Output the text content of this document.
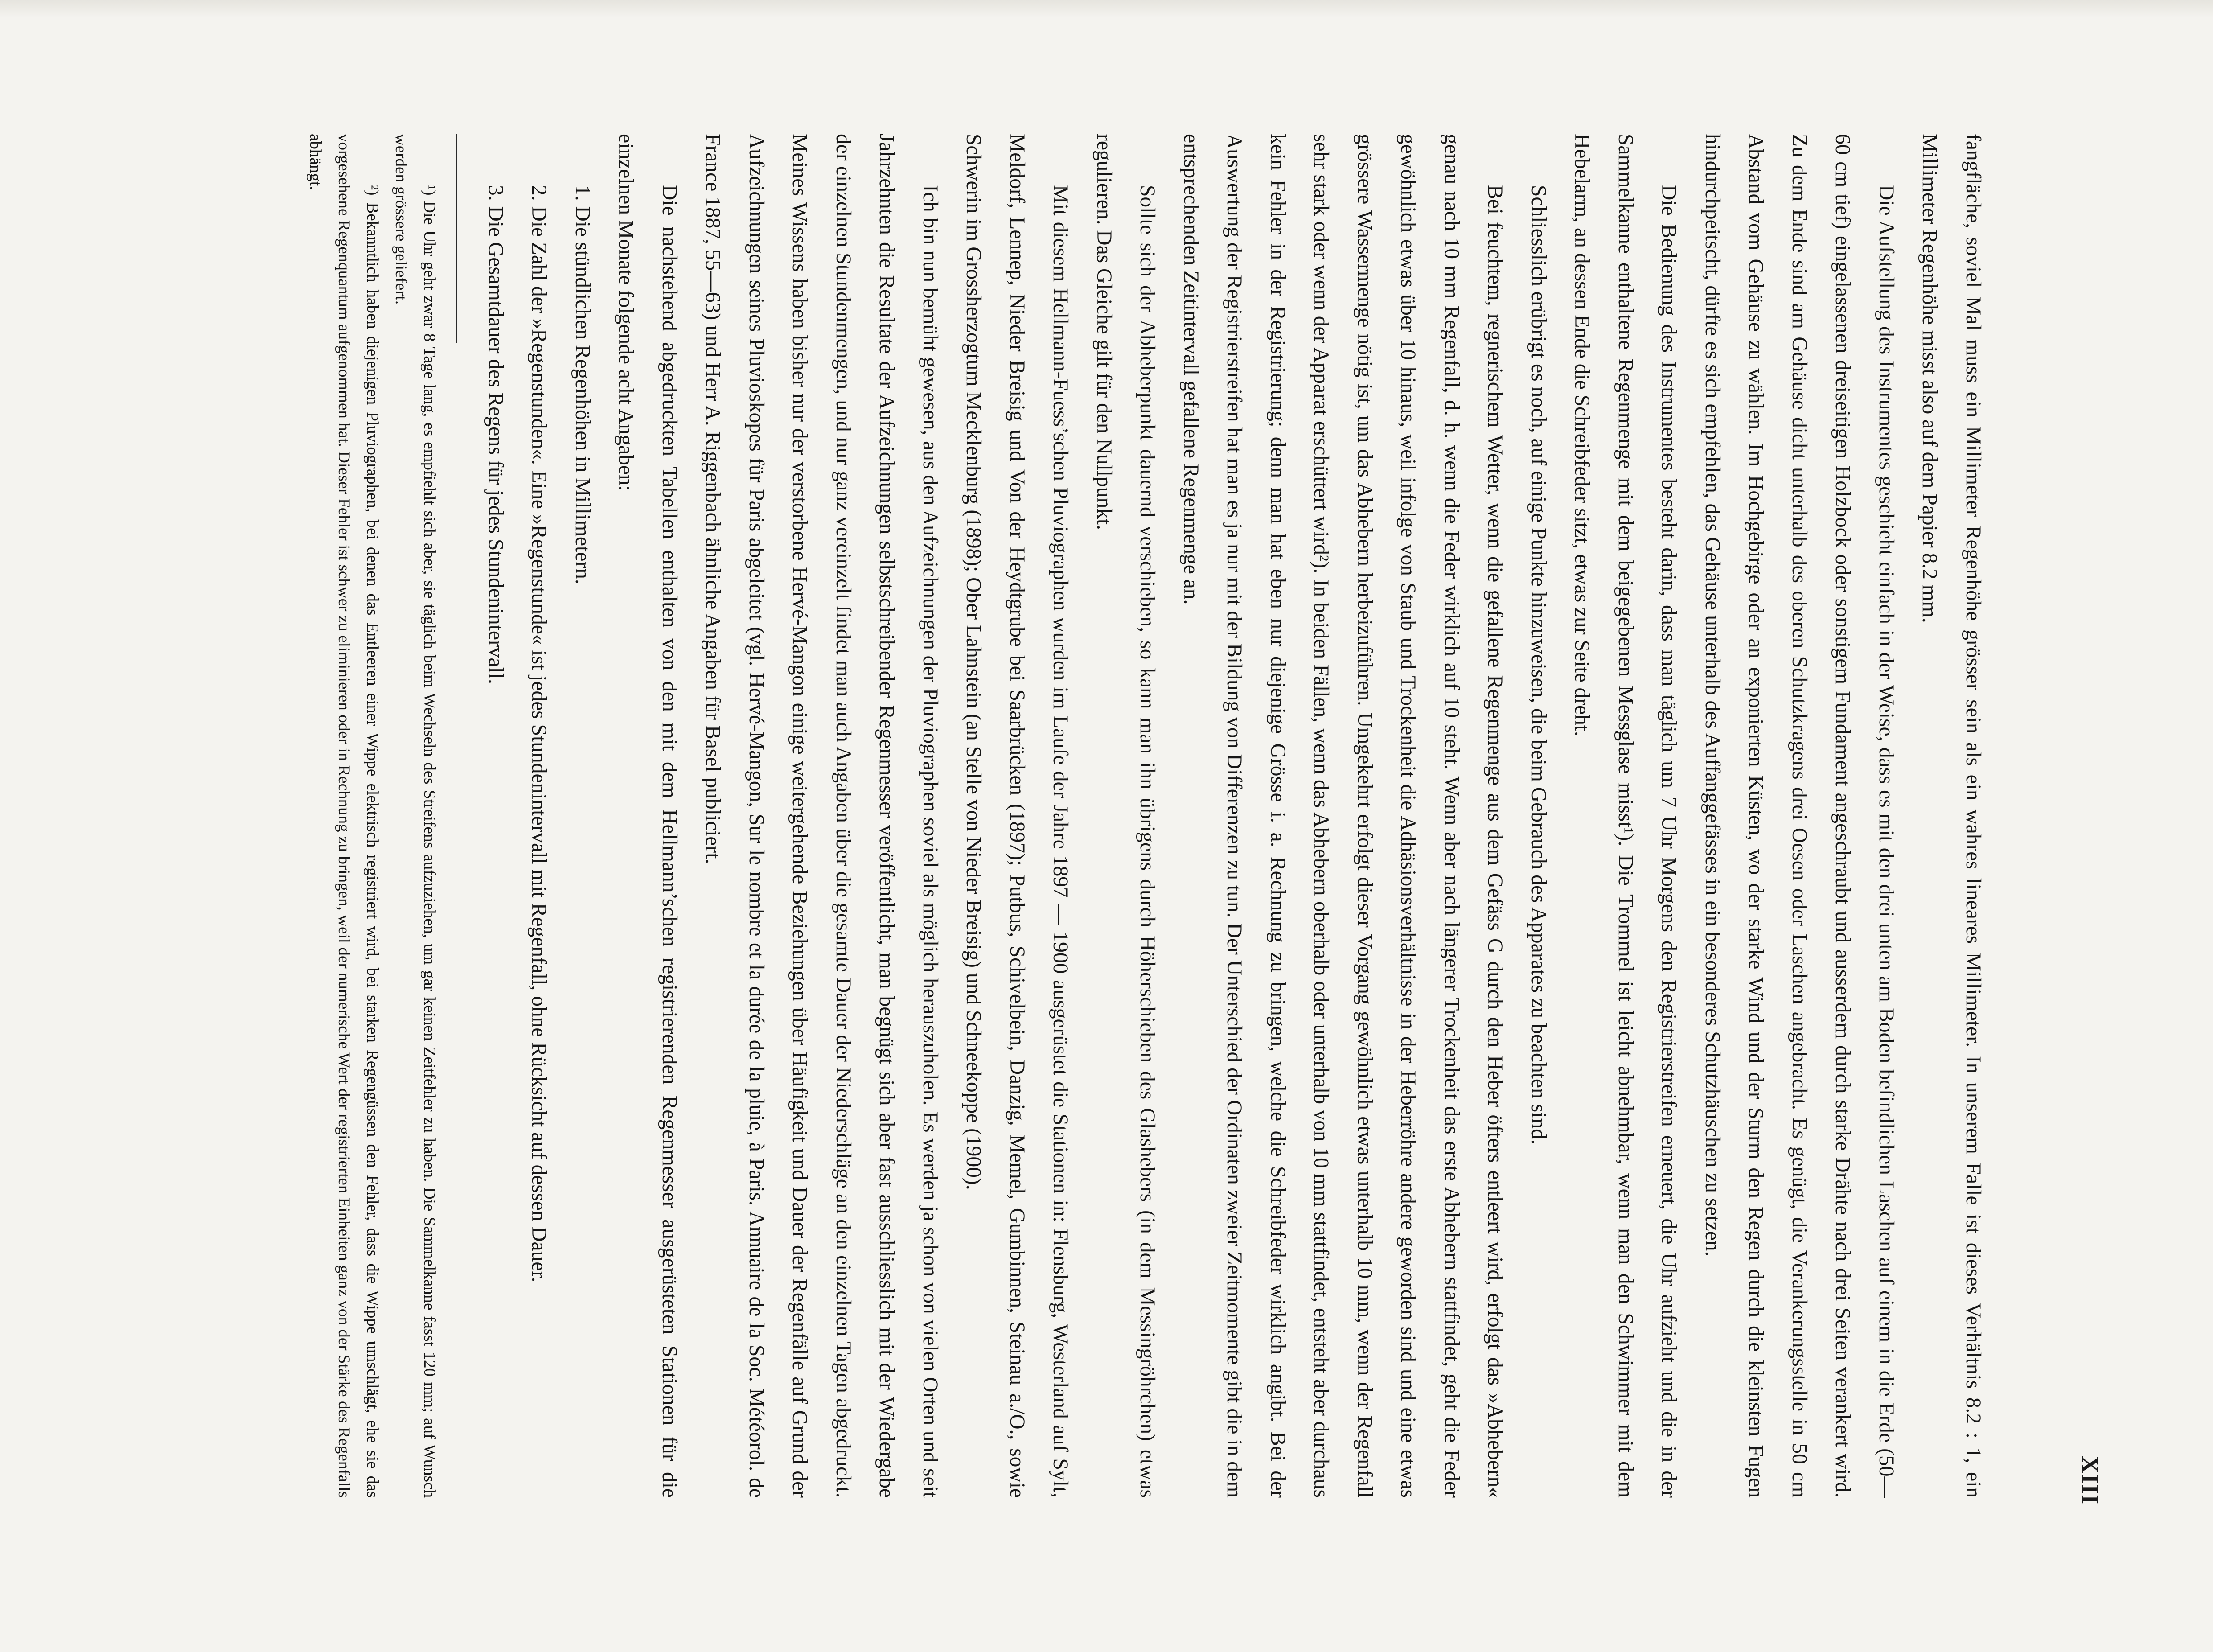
XIII

fangfläche, soviel Mal muss ein Millimeter Regenhöhe grösser sein als ein wahres lineares Millimeter. In unserem Falle ist dieses Verhältnis 8.2 : 1, ein Millimeter Regenhöhe misst also auf dem Papier 8.2 mm.

Die Aufstellung des Instrumentes geschieht einfach in der Weise, dass es mit den drei unten am Boden befindlichen Laschen auf einem in die Erde (50—60 cm tief) eingelassenen dreiseitigen Holzbock oder sonstigem Fundament angeschraubt und ausserdem durch starke Drähte nach drei Seiten verankert wird. Zu dem Ende sind am Gehäuse dicht unterhalb des oberen Schutzkragens drei Oesen oder Laschen angebracht. Es genügt, die Verankerungsstelle in 50 cm Abstand vom Gehäuse zu wählen. Im Hochgebirge oder an exponierten Küsten, wo der starke Wind und der Sturm den Regen durch die kleinsten Fugen hindurchpeitscht, dürfte es sich empfehlen, das Gehäuse unterhalb des Auffanggefässes in ein besonderes Schutzhäuschen zu setzen.

Die Bedienung des Instrumentes besteht darin, dass man täglich um 7 Uhr Morgens den Registrierstreifen erneuert, die Uhr aufzieht und die in der Sammelkanne enthaltene Regenmenge mit dem beigegebenen Messglase misst¹). Die Trommel ist leicht abnehmbar, wenn man den Schwimmer mit dem Hebelarm, an dessen Ende die Schreibfeder sitzt, etwas zur Seite dreht.

Schliesslich erübrigt es noch, auf einige Punkte hinzuweisen, die beim Gebrauch des Apparates zu beachten sind.

Bei feuchtem, regnerischem Wetter, wenn die gefallene Regenmenge aus dem Gefäss G durch den Heber öfters entleert wird, erfolgt das »Abhebern« genau nach 10 mm Regenfall, d. h. wenn die Feder wirklich auf 10 steht. Wenn aber nach längerer Trockenheit das erste Abhebern stattfindet, geht die Feder gewöhnlich etwas über 10 hinaus, weil infolge von Staub und Trockenheit die Adhäsionsverhältnisse in der Heberröhre andere geworden sind und eine etwas grössere Wassermenge nötig ist, um das Abhebern herbeizuführen. Umgekehrt erfolgt dieser Vorgang gewöhnlich etwas unterhalb 10 mm, wenn der Regenfall sehr stark oder wenn der Apparat erschüttert wird²). In beiden Fällen, wenn das Abhebern oberhalb oder unterhalb von 10 mm stattfindet, entsteht aber durchaus kein Fehler in der Registrierung; denn man hat eben nur diejenige Grösse i. a. Rechnung zu bringen, welche die Schreibfeder wirklich angibt. Bei der Auswertung der Registrierstreifen hat man es ja nur mit der Bildung von Differenzen zu tun. Der Unterschied der Ordinaten zweier Zeitmomente gibt die in dem entsprechenden Zeitintervall gefallene Regenmenge an.

Sollte sich der Abheberpunkt dauernd verschieben, so kann man ihn übrigens durch Höherschieben des Glashebers (in dem Messingröhrchen) etwas regulieren. Das Gleiche gilt für den Nullpunkt.

Mit diesem Hellmann-Fuess’schen Pluviographen wurden im Laufe der Jahre 1897 — 1900 ausgerüstet die Stationen in: Flensburg, Westerland auf Sylt, Meldorf, Lennep, Nieder Breisig und Von der Heydtgrube bei Saarbrücken (1897); Putbus, Schivelbein, Danzig, Memel, Gumbinnen, Steinau a./O., sowie Schwerin im Grossherzogtum Mecklenburg (1898); Ober Lahnstein (an Stelle von Nieder Breisig) und Schneekoppe (1900).

Ich bin nun bemüht gewesen, aus den Aufzeichnungen der Pluviographen soviel als möglich herauszuholen. Es werden ja schon von vielen Orten und seit Jahrzehnten die Resultate der Aufzeichnungen selbstschreibender Regenmesser veröffentlicht, man begnügt sich aber fast ausschliesslich mit der Wiedergabe der einzelnen Stundenmengen, und nur ganz vereinzelt findet man auch Angaben über die gesamte Dauer der Niederschläge an den einzelnen Tagen abgedruckt. Meines Wissens haben bisher nur der verstorbene Hervé-Mangon einige weitergehende Beziehungen über Häufigkeit und Dauer der Regenfälle auf Grund der Aufzeichnungen seines Pluvioskopes für Paris abgeleitet (vgl. Hervé-Mangon, Sur le nombre et la durée de la pluie, à Paris. Annuaire de la Soc. Météorol. de France 1887, 55—63) und Herr A. Riggenbach ähnliche Angaben für Basel publiciert.

Die nachstehend abgedruckten Tabellen enthalten von den mit dem Hellmann’schen registrierenden Regenmesser ausgerüsteten Stationen für die einzelnen Monate folgende acht Angaben:

1. Die stündlichen Regenhöhen in Millimetern.

2. Die Zahl der »Regenstunden«. Eine »Regenstunde« ist jedes Stundenintervall mit Regenfall, ohne Rücksicht auf dessen Dauer.

3. Die Gesamtdauer des Regens für jedes Stundenintervall.

¹) Die Uhr geht zwar 8 Tage lang, es empfiehlt sich aber, sie täglich beim Wechseln des Streifens aufzuziehen, um gar keinen Zeitfehler zu haben. Die Sammelkanne fasst 120 mm; auf Wunsch werden grössere geliefert.

²) Bekanntlich haben diejenigen Pluviographen, bei denen das Entleeren einer Wippe elektrisch registriert wird, bei starken Regengüssen den Fehler, dass die Wippe umschlägt, ehe sie das vorgesehene Regenquantum aufgenommen hat. Dieser Fehler ist schwer zu eliminieren oder in Rechnung zu bringen, weil der numerische Wert der registrierten Einheiten ganz von der Stärke des Regenfalls abhängt.
